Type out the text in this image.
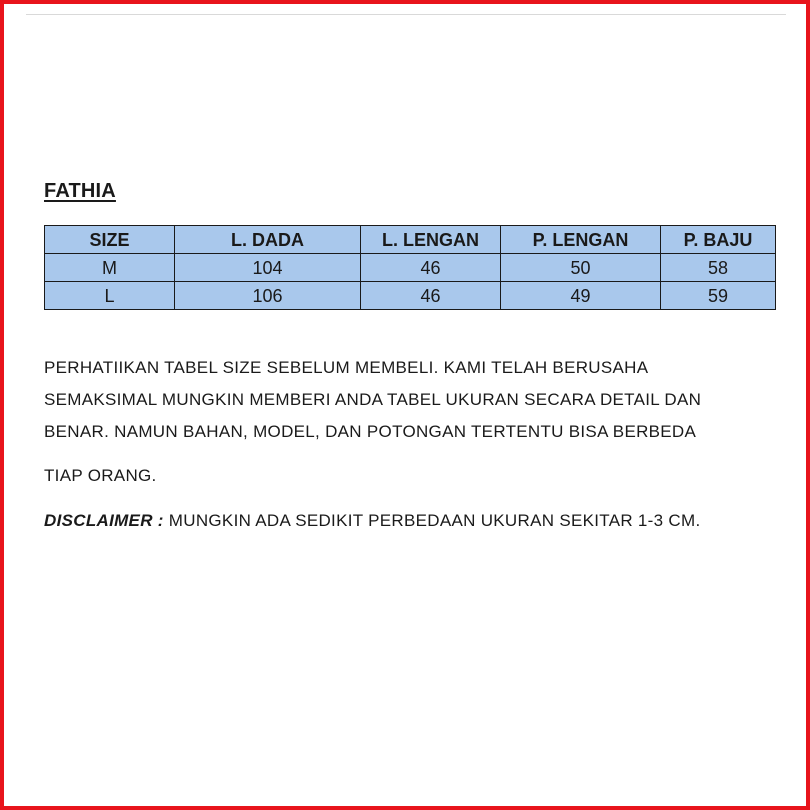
FATHIA
SIZE	L. DADA	L. LENGAN	P. LENGAN	P. BAJU
M	104	46	50	58
L	106	46	49	59
PERHATIIKAN TABEL SIZE SEBELUM MEMBELI. KAMI TELAH BERUSAHA
SEMAKSIMAL MUNGKIN MEMBERI ANDA TABEL UKURAN SECARA DETAIL DAN
BENAR. NAMUN BAHAN, MODEL, DAN POTONGAN TERTENTU BISA BERBEDA
TIAP ORANG.
DISCLAIMER : MUNGKIN ADA SEDIKIT PERBEDAAN UKURAN SEKITAR 1-3 CM.
